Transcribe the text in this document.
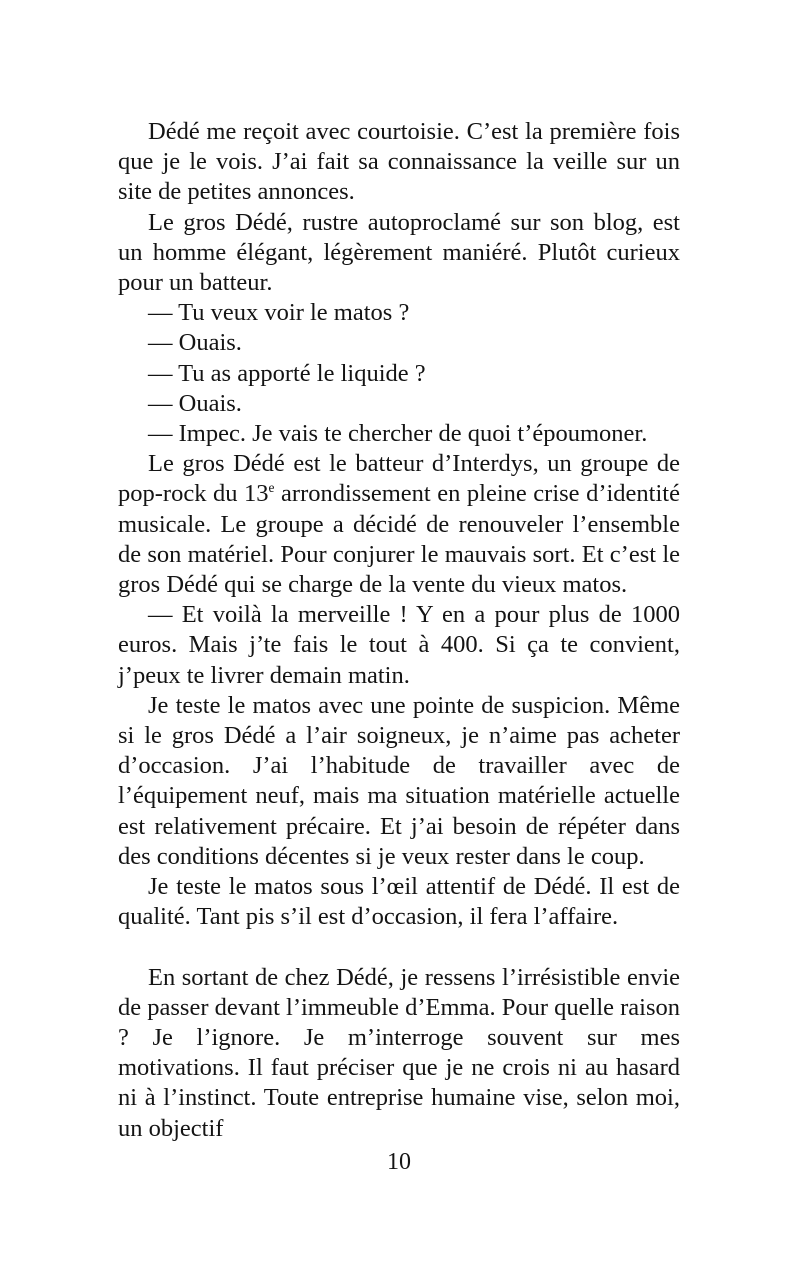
Dédé me reçoit avec courtoisie. C’est la première fois que je le vois. J’ai fait sa connaissance la veille sur un site de petites annonces.

Le gros Dédé, rustre autoproclamé sur son blog, est un homme élégant, légèrement maniéré. Plutôt curieux pour un batteur.

— Tu veux voir le matos ?

— Ouais.

— Tu as apporté le liquide ?

— Ouais.

— Impec. Je vais te chercher de quoi t’époumoner.

Le gros Dédé est le batteur d’Interdys, un groupe de pop-rock du 13e arrondissement en pleine crise d’identité musicale. Le groupe a décidé de renouveler l’ensemble de son matériel. Pour conjurer le mauvais sort. Et c’est le gros Dédé qui se charge de la vente du vieux matos.

— Et voilà la merveille ! Y en a pour plus de 1000 euros. Mais j’te fais le tout à 400. Si ça te convient, j’peux te livrer demain matin.

Je teste le matos avec une pointe de suspicion. Même si le gros Dédé a l’air soigneux, je n’aime pas acheter d’occasion. J’ai l’habitude de travailler avec de l’équipement neuf, mais ma situation matérielle actuelle est relativement précaire. Et j’ai besoin de répéter dans des conditions décentes si je veux rester dans le coup.

Je teste le matos sous l’œil attentif de Dédé. Il est de qualité. Tant pis s’il est d’occasion, il fera l’affaire.

En sortant de chez Dédé, je ressens l’irrésistible envie de passer devant l’immeuble d’Emma. Pour quelle raison ? Je l’ignore. Je m’interroge souvent sur mes motivations. Il faut préciser que je ne crois ni au hasard ni à l’instinct. Toute entreprise humaine vise, selon moi, un objectif

10
